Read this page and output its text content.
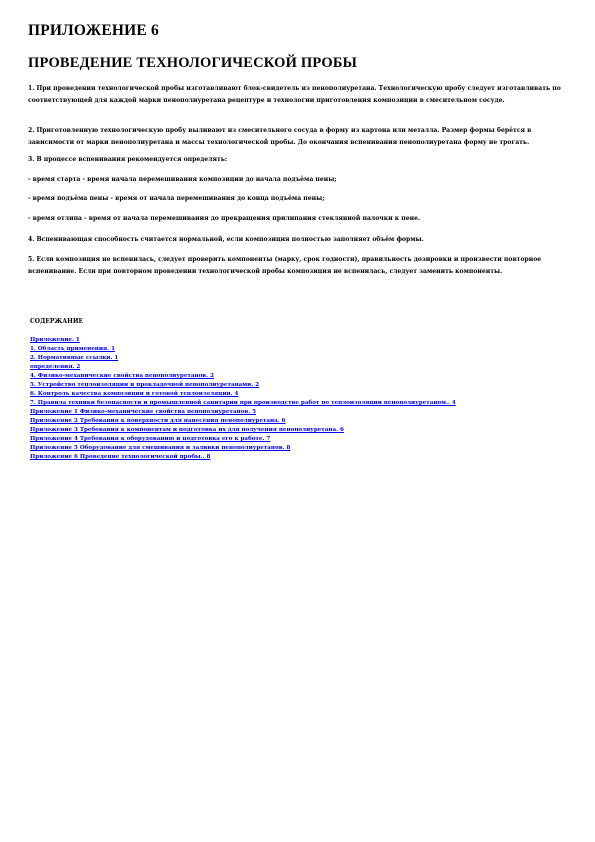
ПРИЛОЖЕНИЕ 6
ПРОВЕДЕНИЕ ТЕХНОЛОГИЧЕСКОЙ ПРОБЫ

1. При проведении технологической пробы изготавливают блок-свидетель из пенополиуретана. Технологическую пробу следует изготавливать по соответствующей для каждой марки пенополиуретана рецептуре и технологии приготовления композиции в смесительном сосуде.

2. Приготовленную технологическую пробу выливают из смесительного сосуда в форму из картона или металла. Размер формы берётся в зависимости от марки пенополиуретана и массы технологической пробы. До окончания вспенивания пенополиуретана форму не трогать.

3. В процессе вспенивания рекомендуется определять:

- время старта - время начала перемешивания композиции до начала подъёма пены;

- время подъёма пены - время от начала перемешивания до конца подъёма пены;

- время отлипа - время от начала перемешивания до прекращения прилипания стеклянной палочки к пене.

4. Вспенивающая способность считается нормальной, если композиция полностью заполняет объём формы.

5. Если композиция не вспенилась, следует проверить компоненты (марку, срок годности), правильность дозировки и произвести повторное вспенивание. Если при повторном проведении технологической пробы композиция не вспенилась, следует заменить компоненты.

СОДЕРЖАНИЕ

Приложение. 1
1. Область применения. 1
2. Нормативные ссылки. 1
определения. 2
4. Физико-механические свойства пенополиуретанов. 2
5. Устройство теплоизоляции и прокладочной пенополиуретанами. 2
6. Контроль качества композиции и готовой теплоизоляции. 4
7. Правила техники безопасности и промышленной санитарии при производстве работ по теплоизоляции пенополиуретаном.. 4
Приложение 1 Физико-механические свойства пенополиуретанов. 5
Приложение 2 Требования к поверхности для нанесения пенополиуретана. 6
Приложение 3 Требования к компонентам и подготовка их для получения пенополиуретана. 6
Приложение 4 Требования к оборудованию и подготовка его к работе. 7
Приложение 5 Оборудование для смешивания и заливки пенополиуретанов. 8
Приложение 6 Проведение технологической пробы.. 8
